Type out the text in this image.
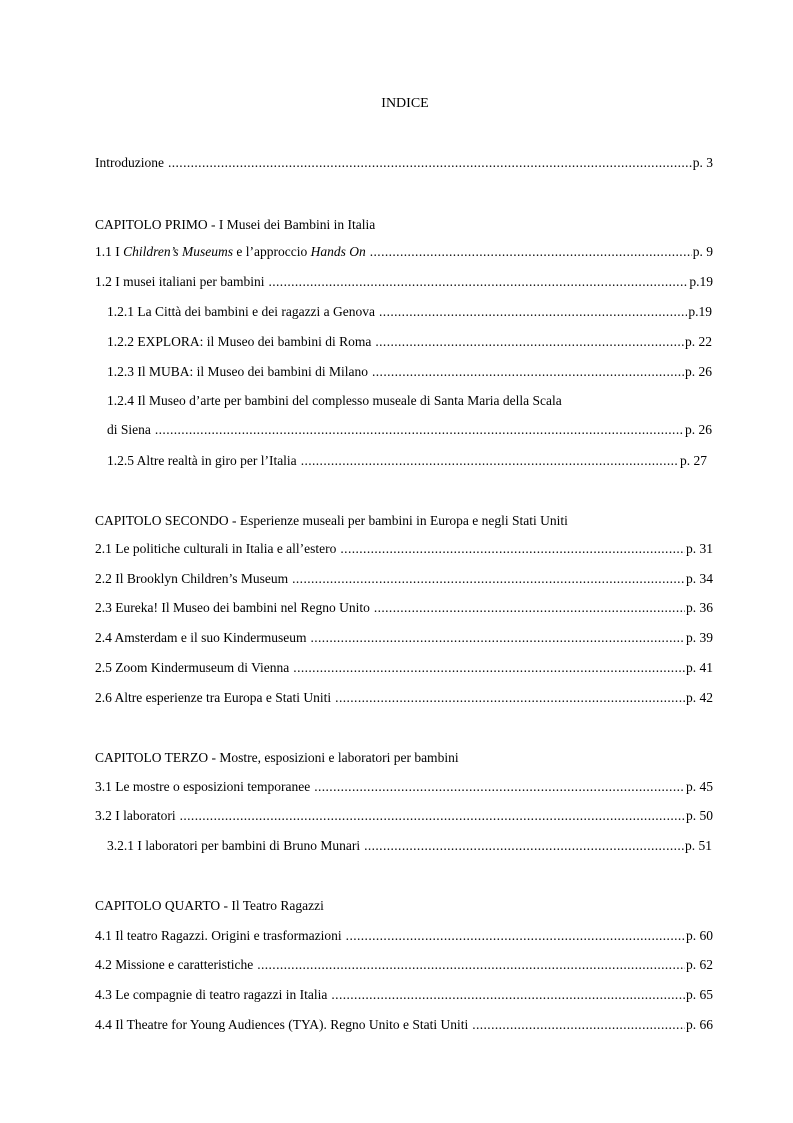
INDICE
Introduzione .....	p. 3
CAPITOLO PRIMO - I Musei dei Bambini in Italia
1.1 I Children’s Museums e l’approccio Hands On .....	p. 9
1.2 I musei italiani per bambini .....	p.19
1.2.1 La Città dei bambini e dei ragazzi a Genova .....	p.19
1.2.2 EXPLORA: il Museo dei bambini di Roma .....	p. 22
1.2.3 Il MUBA: il Museo dei bambini di Milano .....	p. 26
1.2.4 Il Museo d’arte per bambini del complesso museale di Santa Maria della Scala
di Siena .....	p. 26
1.2.5 Altre realtà in giro per l’Italia .....	p. 27
CAPITOLO SECONDO - Esperienze museali per bambini in Europa e negli Stati Uniti
2.1 Le politiche culturali in Italia e all’estero .....	p. 31
2.2 Il Brooklyn Children’s Museum .....	p. 34
2.3 Eureka! Il Museo dei bambini nel Regno Unito .....	p. 36
2.4 Amsterdam e il suo Kindermuseum .....	p. 39
2.5 Zoom Kindermuseum di Vienna .....	p. 41
2.6 Altre esperienze tra Europa e Stati Uniti .....	p. 42
CAPITOLO TERZO - Mostre, esposizioni e laboratori per bambini
3.1 Le mostre o esposizioni temporanee .....	p. 45
3.2 I laboratori .....	p. 50
3.2.1 I laboratori per bambini di Bruno Munari .....	p. 51
CAPITOLO QUARTO - Il Teatro Ragazzi
4.1 Il teatro Ragazzi. Origini e trasformazioni .....	p. 60
4.2 Missione e caratteristiche .....	p. 62
4.3 Le compagnie di teatro ragazzi in Italia .....	p. 65
4.4 Il Theatre for Young Audiences (TYA). Regno Unito e Stati Uniti .....	p. 66
